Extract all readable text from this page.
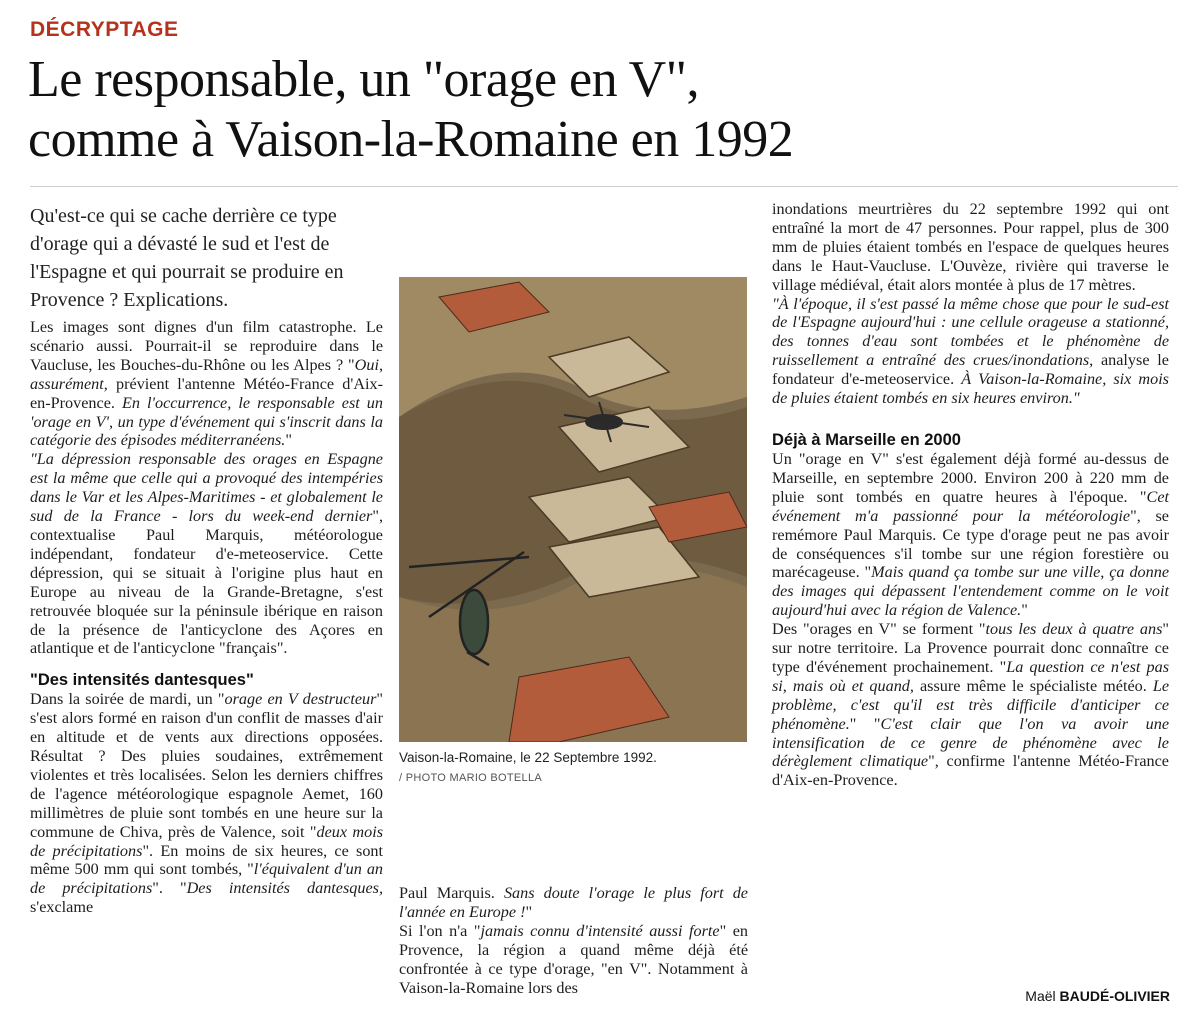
DÉCRYPTAGE
Le responsable, un "orage en V",
comme à Vaison-la-Romaine en 1992
Qu'est-ce qui se cache derrière ce type d'orage qui a dévasté le sud et l'est de l'Espagne et qui pourrait se produire en Provence ? Explications.

Les images sont dignes d'un film catastrophe. Le scénario aussi. Pourrait-il se reproduire dans le Vaucluse, les Bouches-du-Rhône ou les Alpes ? "Oui, assurément, prévient l'antenne Météo-France d'Aix-en-Provence. En l'occurrence, le responsable est un 'orage en V', un type d'événement qui s'inscrit dans la catégorie des épisodes méditerranéens."

"La dépression responsable des orages en Espagne est la même que celle qui a provoqué des intempéries dans le Var et les Alpes-Maritimes - et globalement le sud de la France - lors du week-end dernier", contextualise Paul Marquis, météorologue indépendant, fondateur d'e-meteoservice. Cette dépression, qui se situait à l'origine plus haut en Europe au niveau de la Grande-Bretagne, s'est retrouvée bloquée sur la péninsule ibérique en raison de la présence de l'anticyclone des Açores en atlantique et de l'anticyclone "français".

"Des intensités dantesques"

Dans la soirée de mardi, un "orage en V destructeur" s'est alors formé en raison d'un conflit de masses d'air en altitude et de vents aux directions opposées. Résultat ? Des pluies soudaines, extrêmement violentes et très localisées. Selon les derniers chiffres de l'agence météorologique espagnole Aemet, 160 millimètres de pluie sont tombés en une heure sur la commune de Chiva, près de Valence, soit "deux mois de précipitations". En moins de six heures, ce sont même 500 mm qui sont tombés, "l'équivalent d'un an de précipitations". "Des intensités dantesques, s'exclame

Vaison-la-Romaine, le 22 Septembre 1992.
/ PHOTO MARIO BOTELLA

Paul Marquis. Sans doute l'orage le plus fort de l'année en Europe !"

Si l'on n'a "jamais connu d'intensité aussi forte" en Provence, la région a quand même déjà été confrontée à ce type d'orage, "en V". Notamment à Vaison-la-Romaine lors des

inondations meurtrières du 22 septembre 1992 qui ont entraîné la mort de 47 personnes. Pour rappel, plus de 300 mm de pluies étaient tombés en l'espace de quelques heures dans le Haut-Vaucluse. L'Ouvèze, rivière qui traverse le village médiéval, était alors montée à plus de 17 mètres.

"À l'époque, il s'est passé la même chose que pour le sud-est de l'Espagne aujourd'hui : une cellule orageuse a stationné, des tonnes d'eau sont tombées et le phénomène de ruissellement a entraîné des crues/inondations, analyse le fondateur d'e-meteoservice. À Vaison-la-Romaine, six mois de pluies étaient tombés en six heures environ."

Déjà à Marseille en 2000

Un "orage en V" s'est également déjà formé au-dessus de Marseille, en septembre 2000. Environ 200 à 220 mm de pluie sont tombés en quatre heures à l'époque. "Cet événement m'a passionné pour la météorologie", se remémore Paul Marquis. Ce type d'orage peut ne pas avoir de conséquences s'il tombe sur une région forestière ou marécageuse. "Mais quand ça tombe sur une ville, ça donne des images qui dépassent l'entendement comme on le voit aujourd'hui avec la région de Valence."

Des "orages en V" se forment "tous les deux à quatre ans" sur notre territoire. La Provence pourrait donc connaître ce type d'événement prochainement. "La question ce n'est pas si, mais où et quand, assure même le spécialiste météo. Le problème, c'est qu'il est très difficile d'anticiper ce phénomène." "C'est clair que l'on va avoir une intensification de ce genre de phénomène avec le dérèglement climatique", confirme l'antenne Météo-France d'Aix-en-Provence.

Maël BAUDÉ-OLIVIER
